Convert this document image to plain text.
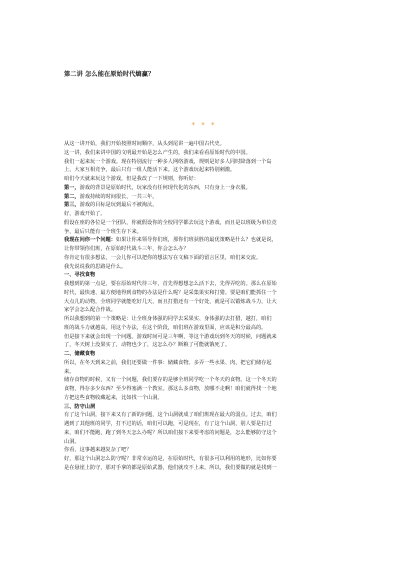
第二讲 怎么能在原始时代熵赢？
* * *
从这一讲开始，我们开始按照时间顺序，从头到尾讲一遍中国古代史。
这一讲，我们来讲中国的文明最开始是怎么产生的，我们来看看原始时代的中国。
我们一起来玩一个游戏。现在特别流行一种多人网络游戏，规则是好多人同时降落到一个岛
上，大家互相竞争，最后只有一组人能活下来。这个游戏玩起来特别刺激。
咱们今天就来玩这个游戏，但是我改了一下规则，你听好：
第一，游戏的背景是原始时代，玩家没有任何现代化的东西，只有身上一身衣服。
第二，游戏持续的时间很长，一共三年。
第三，游戏的目标是玩到最后不被淘汰。
好，游戏开始了。
假设在座的各位是一个团队，你就假设你的全校同学都去玩这个游戏，而且是以班级为单位竞
争，最后只能有一个班生存下来。
我现在问你一个问题：如果让你来领导你们班，那你们班获胜的最优策略是什么？也就是说，
让你带领你们班，在原始时代战斗三年，你会怎么办？
你肯定有很多想法，一会儿你可以把你的想法写在文稿下面的留言区里，咱们来交流。
我先说说我的思路是什么。
一、寻找食物
我想到的第一点是，要在原始时代待三年，首先得想想怎么活下去，先得弄吃的。那么在原始
时代，最快速、最方便地得到食物的办法是什么呢？是采集果实和打猎。要是咱们能抓住一个
大点儿的动物，全班同学就能吃好几天，而且打猎还有一个好处，就是可以锻炼战斗力，让大
家学会怎么配合作战。
所以我想到的第一个策略是：让全班身体强的同学去采果实、身体强的去打猎，越打，咱们
班的战斗力就越高。用这个办法，在这个阶段，咱们班在游戏里面，应该是积分最高的。
但是接下来就会出现一个问题。游戏时间可是三年啊，等这个游戏玩到冬天的时候，问题就来
了，冬天树上没果实了，动物也少了，这怎么办？断粮了可能就饿死了。
二、储藏食物
所以，在冬天到来之前，我们还要做一件事：储藏食物。多弄一些水果、肉，把它们储存起
来。
储存食物的时候，又有一个问题，我们要存的是够全班同学吃一个冬天的食物。这一个冬天的
食物，得存多少东西？至少得塞满一个教室。那这么多食物，放哪不走啊！咱们就得找一个地
方把这些食物收藏起来，比如找一个山洞。
三、防守山洞
有了这个山洞，接下来又有了新的问题，这个山洞就成了咱们班现在最大的弱点。过去，咱们
遇到了其他班的同学，打不过的话，咱们可以跑，可是现在，有了这个山洞，别人要是打过
来，咱们不能跑，跑了到冬天怎么办呢？所以咱们接下来要考虑的问题是，怎么能够防守这个
山洞。
你看，这事越来越复杂了吧？
好，那这个山洞怎么防守呢？非常幸运的是，在原始时代，有很多可以利用的地形，比如你要
是在悬崖上防守，那对手拿的都是原始武器，他们就攻不上来。所以，我们要做的就是找到一
